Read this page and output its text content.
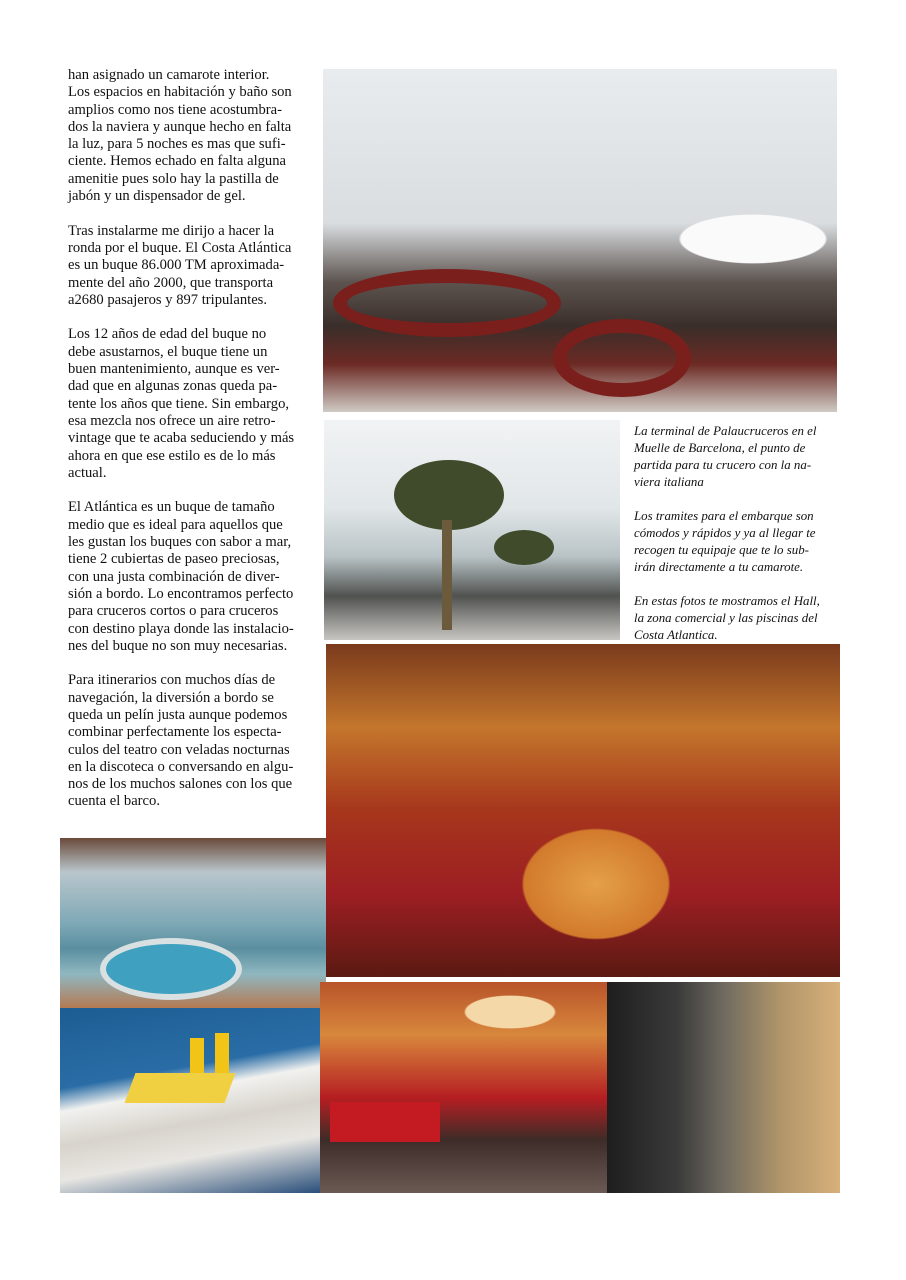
han asignado un camarote interior.
Los espacios en habitación y baño son
amplios como nos tiene acostumbra-
dos la naviera y aunque hecho en falta
la luz, para 5 noches es mas que sufi-
ciente. Hemos echado en falta alguna
amenitie pues solo hay la pastilla de
jabón y un dispensador de gel.
Tras instalarme me dirijo a hacer la
ronda por el buque. El Costa Atlántica
es un buque 86.000 TM aproximada-
mente del año 2000, que transporta
a2680 pasajeros y 897 tripulantes.
Los 12 años de edad del buque no
debe asustarnos, el buque tiene un
buen mantenimiento, aunque es ver-
dad que en algunas zonas queda pa-
tente los años que tiene. Sin embargo,
esa mezcla nos ofrece un aire retro-
vintage que te acaba seduciendo y más
ahora en que ese estilo es de lo más
actual.
El Atlántica es un buque de tamaño
medio que es ideal para aquellos que
les gustan los buques con sabor a mar,
tiene 2 cubiertas de paseo preciosas,
con una justa combinación de diver-
sión a bordo. Lo encontramos perfecto
para cruceros cortos o para cruceros
con destino playa donde las instalacio-
nes del buque no son muy necesarias.
Para itinerarios con muchos días de
navegación, la diversión a bordo se
queda un pelín justa aunque podemos
combinar perfectamente los especta-
culos del teatro con veladas nocturnas
en la discoteca o conversando en algu-
nos de los muchos salones con los que
cuenta el barco.
La terminal de Palaucruceros en el
Muelle de Barcelona, el punto de
partida para tu crucero con la na-
viera italiana
Los tramites para el embarque son
cómodos y rápidos y ya al llegar te
recogen tu equipaje que te lo sub-
irán directamente a tu camarote.
En estas fotos te mostramos el Hall,
la zona comercial y las piscinas del
Costa Atlantica.
